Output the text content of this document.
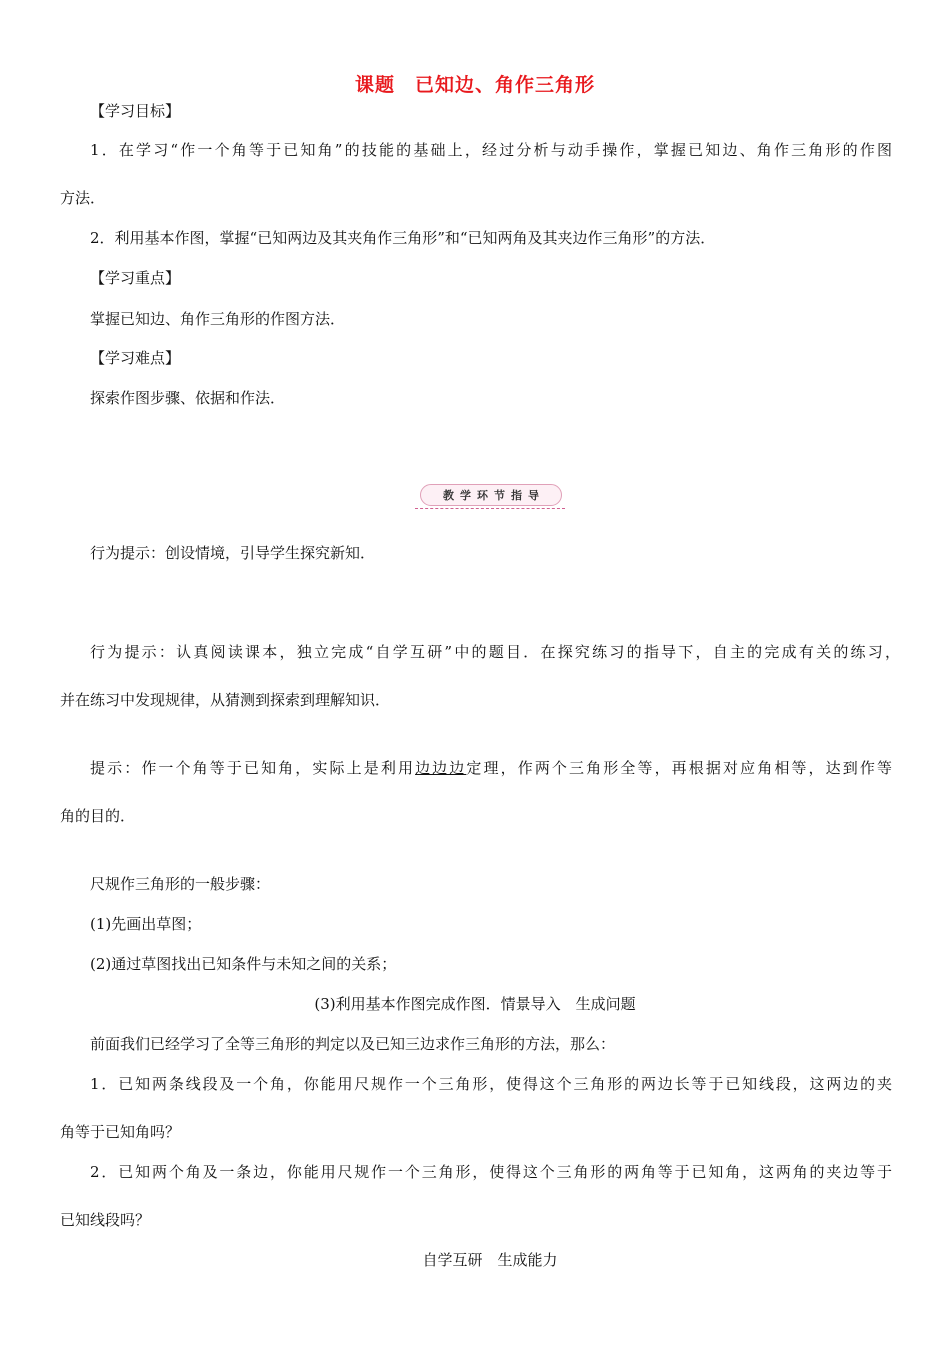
课题　已知边、角作三角形
【学习目标】
1．在学习“作一个角等于已知角”的技能的基础上，经过分析与动手操作，掌握已知边、角作三角形的作图
方法．
2．利用基本作图，掌握“已知两边及其夹角作三角形”和“已知两角及其夹边作三角形”的方法．
【学习重点】
掌握已知边、角作三角形的作图方法．
【学习难点】
探索作图步骤、依据和作法．
教学环节指导
行为提示：创设情境，引导学生探究新知．
行为提示：认真阅读课本，独立完成“自学互研”中的题目．在探究练习的指导下，自主的完成有关的练习，
并在练习中发现规律，从猜测到探索到理解知识．
提示：作一个角等于已知角，实际上是利用边边边定理，作两个三角形全等，再根据对应角相等，达到作等
角的目的．
尺规作三角形的一般步骤：
(1)先画出草图；
(2)通过草图找出已知条件与未知之间的关系；
(3)利用基本作图完成作图．情景导入　生成问题
前面我们已经学习了全等三角形的判定以及已知三边求作三角形的方法，那么：
1．已知两条线段及一个角，你能用尺规作一个三角形，使得这个三角形的两边长等于已知线段，这两边的夹
角等于已知角吗？
2．已知两个角及一条边，你能用尺规作一个三角形，使得这个三角形的两角等于已知角，这两角的夹边等于
已知线段吗？
自学互研　生成能力
